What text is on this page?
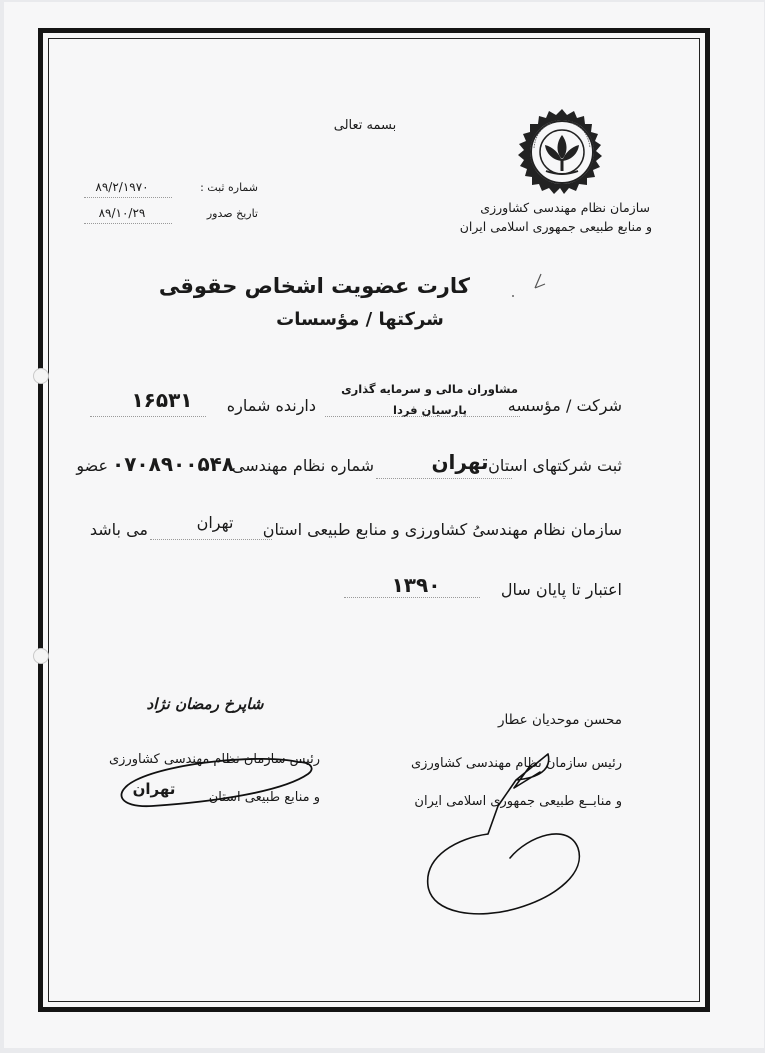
بسمه تعالی
سازمان نظام مهندسی کشاورزی
و منابع طبیعی جمهوری اسلامی ایران
شماره ثبت :
۸۹/۲/۱۹۷۰
تاریخ صدور
۸۹/۱۰/۲۹
کارت عضویت اشخاص حقوقی
شرکتها / مؤسسات
شرکت / مؤسسه
مشاوران مالی و سرمایه گذاری
پارسیان فردا
دارنده شماره
۱۶۵۳۱
ثبت شرکتهای استان
تهران
شماره نظام مهندسی
۰۷۰۸۹۰۰۵۴۸
عضو
سازمان نظام مهندسیُ کشاورزی و منابع طبیعی استان
تهران
می باشد
اعتبار تا پایان سال
۱۳۹۰
محسن موحدیان عطار
رئیس سازمان نظام مهندسی کشاورزی
و منابــع طبیعی جمهوری اسلامی ایران
شاپرخ رمضان نژاد
رئیس سازمان نظام مهندسی کشاورزی
و منابع طبیعی استان
تهران
